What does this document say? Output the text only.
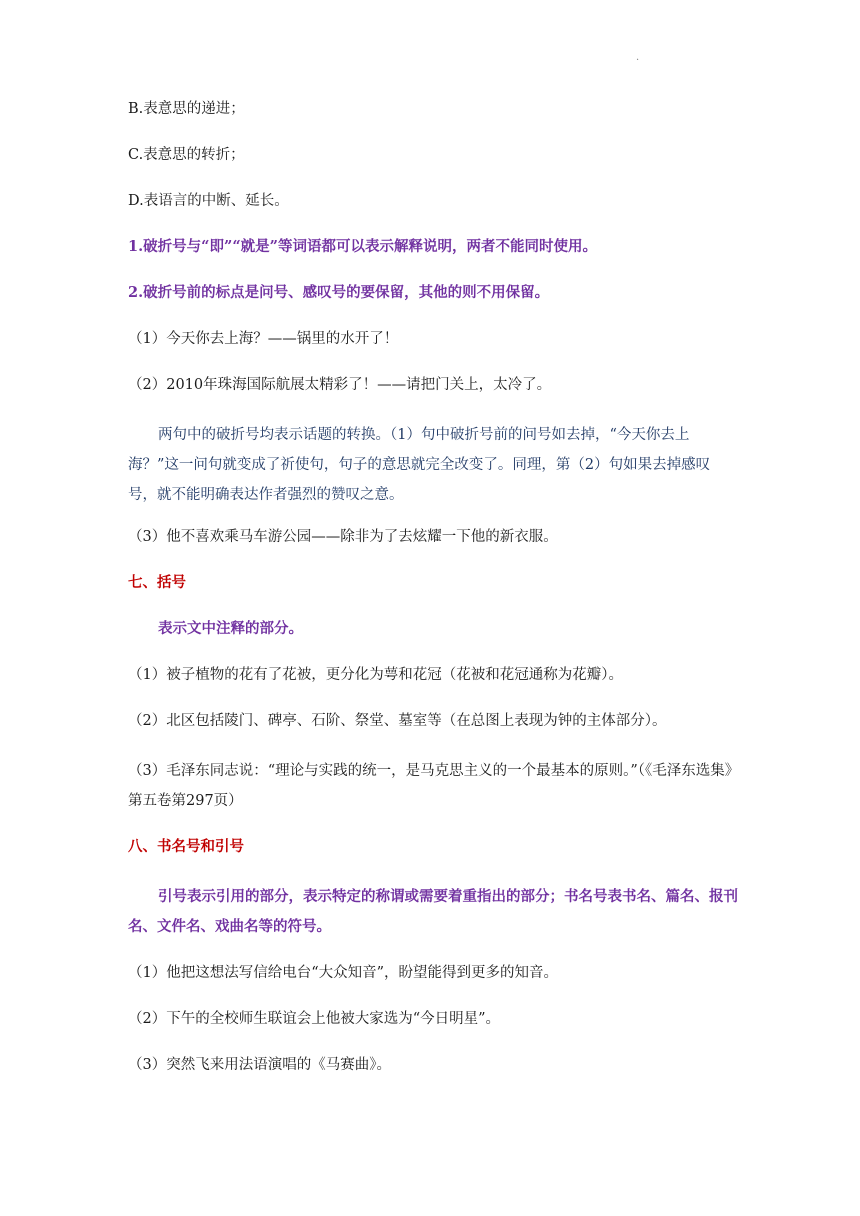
·
B.表意思的递进；
C.表意思的转折；
D.表语言的中断、延长。
1.破折号与“即”“就是”等词语都可以表示解释说明，两者不能同时使用。
2.破折号前的标点是问号、感叹号的要保留，其他的则不用保留。
（1）今天你去上海？——锅里的水开了！
（2）2010年珠海国际航展太精彩了！——请把门关上，太冷了。
两句中的破折号均表示话题的转换。（1）句中破折号前的问号如去掉，“今天你去上海？”这一问句就变成了祈使句，句子的意思就完全改变了。同理，第（2）句如果去掉感叹号，就不能明确表达作者强烈的赞叹之意。
（3）他不喜欢乘马车游公园——除非为了去炫耀一下他的新衣服。
七、括号
表示文中注释的部分。
（1）被子植物的花有了花被，更分化为萼和花冠（花被和花冠通称为花瓣）。
（2）北区包括陵门、碑亭、石阶、祭堂、墓室等（在总图上表现为钟的主体部分）。
（3）毛泽东同志说：“理论与实践的统一，是马克思主义的一个最基本的原则。”（《毛泽东选集》第五卷第297页）
八、书名号和引号
引号表示引用的部分，表示特定的称谓或需要着重指出的部分；书名号表书名、篇名、报刊名、文件名、戏曲名等的符号。
（1）他把这想法写信给电台“大众知音”，盼望能得到更多的知音。
（2）下午的全校师生联谊会上他被大家选为“今日明星”。
（3）突然飞来用法语演唱的《马赛曲》。
